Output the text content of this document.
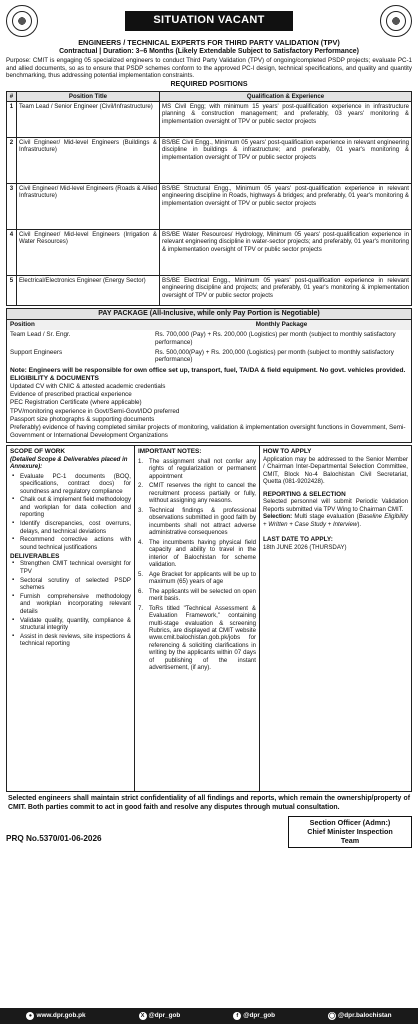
SITUATION VACANT
ENGINEERS / TECHNICAL EXPERTS FOR THIRD PARTY VALIDATION (TPV)
Contractual | Duration: 3–6 Months (Likely Extendable Subject to Satisfactory Performance)
Purpose: CMIT is engaging 05 specialized engineers to conduct Third Party Validation (TPV) of ongoing/completed PSDP projects; evaluate PC-1 and allied documents, so as to ensure that PSDP schemes conform to the approved PC-I design, technical specifications, and quality and quantity benchmarking, thus addressing potential implementation constraints.
REQUIRED POSITIONS
#	Position Title	Qualification & Experience
1	Team Lead / Senior Engineer (Civil/Infrastructure)	MS Civil Engg; with minimum 15 years' post-qualification experience in infrastructure planning & construction management; and preferably, 03 years' monitoring & implementation oversight of TPV or public sector projects
2	Civil Engineer/ Mid-level Engineers (Buildings & Infrastructure)	BS/BE Civil Engg., Minimum 05 years' post-qualification experience in relevant engineering discipline in buildings & infrastructure; and preferably, 01 year's monitoring & implementation oversight of TPV or public sector projects
3	Civil Engineer/ Mid-level Engineers (Roads & Allied Infrastructure)	BS/BE Structural Engg., Minimum 05 years' post-qualification experience in relevant engineering discipline in Roads, highways & bridges; and preferably, 01 year's monitoring & implementation oversight of TPV or public sector projects
4	Civil Engineer/ Mid-level Engineers (Irrigation & Water Resources)	BS/BE Water Resources/ Hydrology, Minimum 05 years' post-qualification experience in relevant engineering discipline in water-sector projects; and preferably, 01 year's monitoring & implementation oversight of TPV or public sector projects
5	Electrical/Electronics Engineer (Energy Sector)	BS/BE Electrical Engg., Minimum 05 years' post-qualification experience in relevant engineering discipline and projects; and preferably, 01 year's monitoring & implementation oversight of TPV or public sector projects
PAY PACKAGE (All-Inclusive, while only Pay Portion is Negotiable)
Position	Monthly Package
Team Lead / Sr. Engr.	Rs. 700,000 (Pay) + Rs. 200,000 (Logistics) per month (subject to monthly satisfactory performance)
Support Engineers	Rs. 500,000(Pay) + Rs. 200,000 (Logistics) per month (subject to monthly satisfactory performance)
Note: Engineers will be responsible for own office set up, transport, fuel, TA/DA & field equipment. No govt. vehicles provided.
ELIGIBILITY & DOCUMENTS
Updated CV with CNIC & attested academic credentials
Evidence of prescribed practical experience
PEC Registration Certificate (where applicable)
TPV/monitoring experience in Govt/Semi-Govt/IDO preferred
Passport size photographs & supporting documents
Preferably) evidence of having completed similar projects of monitoring, validation & implementation oversight functions in Government, Semi-Government or International Development Organizations
SCOPE OF WORK
(Detailed Scope & Deliverables placed in Annexure):
▪ Evaluate PC-1 documents (BOQ, specifications, contract docs) for soundness and regulatory compliance
▪ Chalk out & implement field methodology and workplan for data collection and reporting
▪ Identify discrepancies, cost overruns, delays, and technical deviations
▪ Recommend corrective actions with sound technical justifications
DELIVERABLES
▪ Strengthen CMIT technical oversight for TPV
▪ Sectoral scrutiny of selected PSDP schemes
▪ Furnish comprehensive methodology and workplan incorporating relevant details
▪ Validate quality, quantity, compliance & structural integrity
▪ Assist in desk reviews, site inspections & technical reporting
IMPORTANT NOTES:
1. The assignment shall not confer any rights of regularization or permanent appointment
2. CMIT reserves the right to cancel the recruitment process partially or fully, without assigning any reasons.
3. Technical findings & professional observations submitted in good faith by incumbents shall not attract adverse administrative consequences
4. The incumbents having physical field capacity and ability to travel in the interior of Balochistan for scheme validation.
5. Age Bracket for applicants will be up to maximum (65) years of age
6. The applicants will be selected on open merit basis.
7. ToRs titled "Technical Assessment & Evaluation Framework," containing multi-stage evaluation & screening Rubrics, are displayed at CMIT website www.cmit.balochistan.gob.pk/jobs for referencing & soliciting clarifications in writing by the applicants within 07 days of publishing of the instant advertisement, (if any).
HOW TO APPLY
Application may be addressed to the Senior Member / Chairman Inter-Departmental Selection Committee, CMIT, Block No-4 Balochistan Civil Secretariat, Quetta (081-9202428).
REPORTING & SELECTION
Selected personnel will submit Periodic Validation Reports submitted via TPV Wing to Chairman CMIT.
Selection: Multi stage evaluation (Baseline Eligibility + Written + Case Study + Interview).
LAST DATE TO APPLY:
18th JUNE 2026 (THURSDAY)
Selected engineers shall maintain strict confidentiality of all findings and reports, which remain the ownership/property of CMIT. Both parties commit to act in good faith and resolve any disputes through mutual consultation.
PRQ No.5370/01-06-2026
Section Officer (Admn:)
Chief Minister Inspection
Team
● www.dpr.gob.pk	X @dpr_gob	f @dpr_gob	◯ @dpr.balochistan
